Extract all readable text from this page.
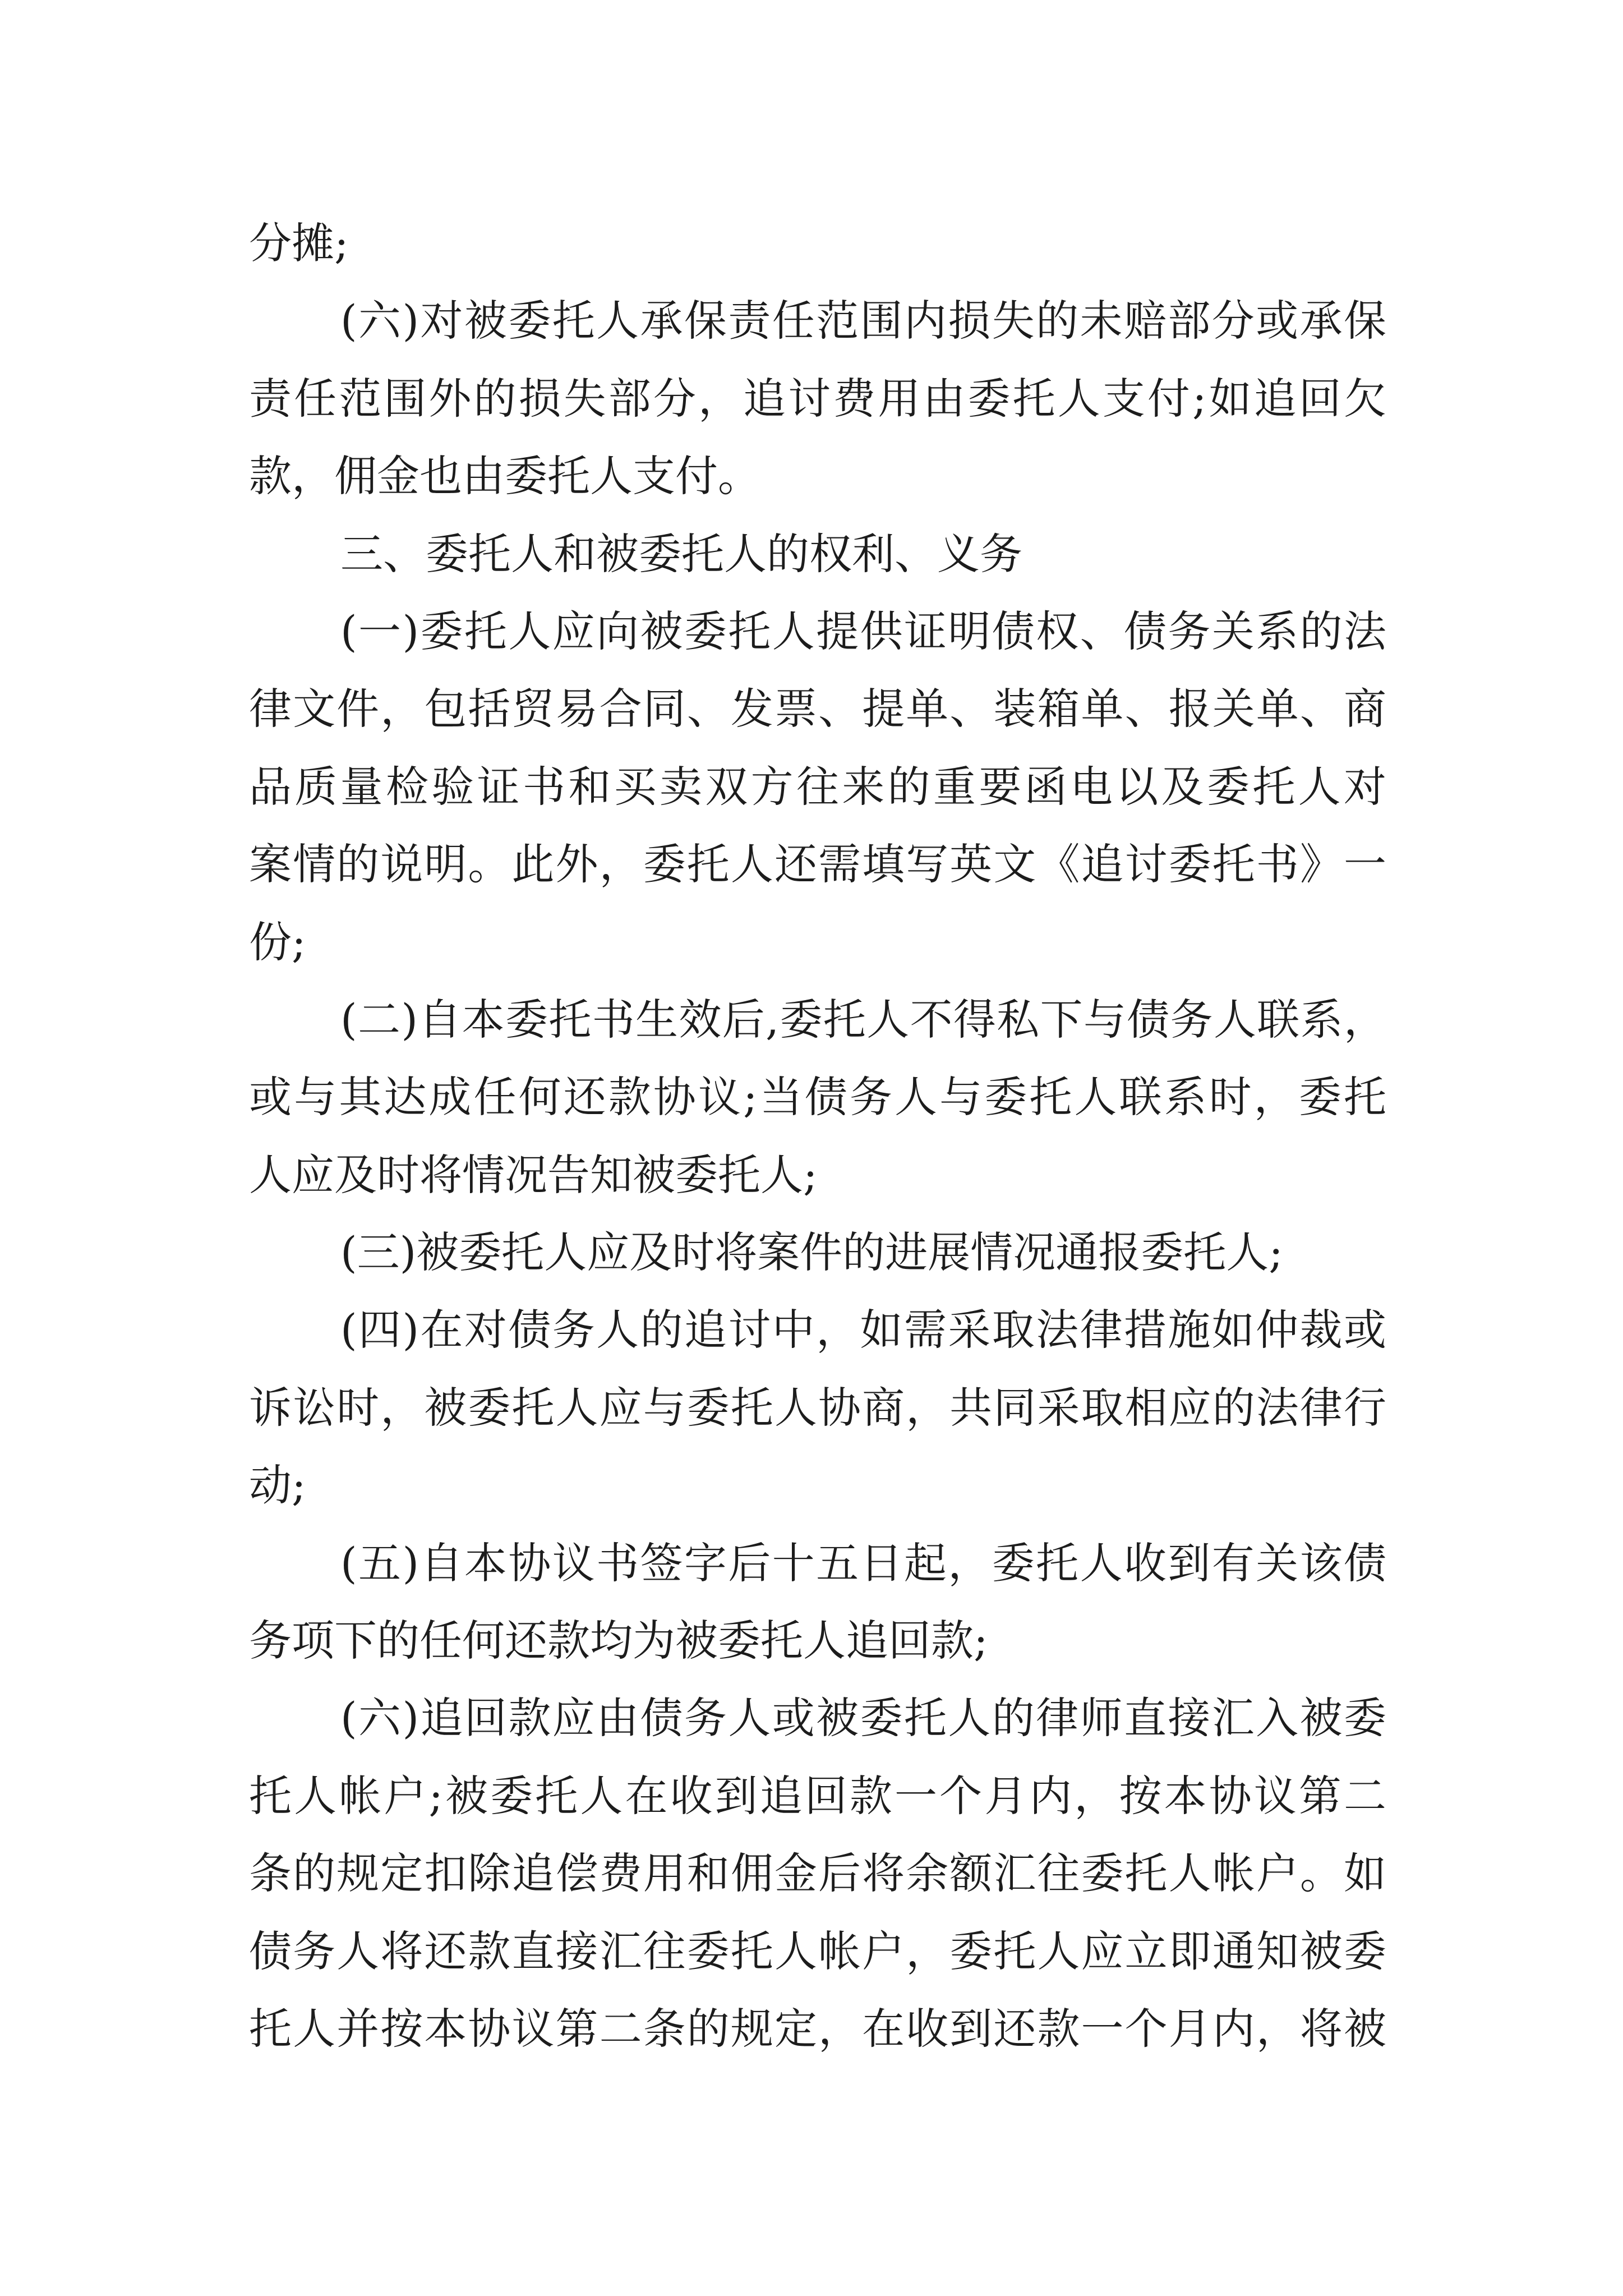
分摊;
(六)对被委托人承保责任范围内损失的未赔部分或承保
责任范围外的损失部分，追讨费用由委托人支付;如追回欠
款，佣金也由委托人支付。
三、委托人和被委托人的权利、义务
(一)委托人应向被委托人提供证明债权、债务关系的法
律文件，包括贸易合同、发票、提单、装箱单、报关单、商
品质量检验证书和买卖双方往来的重要函电以及委托人对
案情的说明。此外，委托人还需填写英文《追讨委托书》一
份;
(二)自本委托书生效后,委托人不得私下与债务人联系，
或与其达成任何还款协议;当债务人与委托人联系时，委托
人应及时将情况告知被委托人;
(三)被委托人应及时将案件的进展情况通报委托人;
(四)在对债务人的追讨中，如需采取法律措施如仲裁或
诉讼时，被委托人应与委托人协商，共同采取相应的法律行
动;
(五)自本协议书签字后十五日起，委托人收到有关该债
务项下的任何还款均为被委托人追回款;
(六)追回款应由债务人或被委托人的律师直接汇入被委
托人帐户;被委托人在收到追回款一个月内，按本协议第二
条的规定扣除追偿费用和佣金后将余额汇往委托人帐户。如
债务人将还款直接汇往委托人帐户，委托人应立即通知被委
托人并按本协议第二条的规定，在收到还款一个月内，将被
